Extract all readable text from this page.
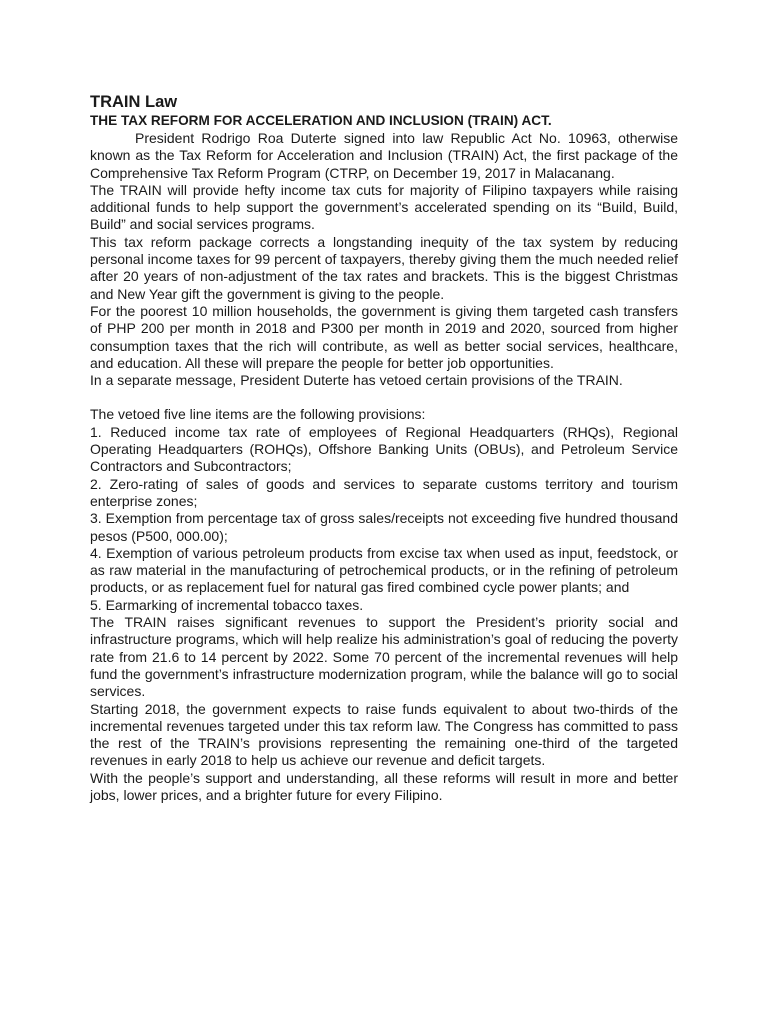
TRAIN Law
THE TAX REFORM FOR ACCELERATION AND INCLUSION (TRAIN) ACT.

President Rodrigo Roa Duterte signed into law Republic Act No. 10963, otherwise known as the Tax Reform for Acceleration and Inclusion (TRAIN) Act, the first package of the Comprehensive Tax Reform Program (CTRP, on December 19, 2017 in Malacanang.

The TRAIN will provide hefty income tax cuts for majority of Filipino taxpayers while raising additional funds to help support the government’s accelerated spending on its “Build, Build, Build” and social services programs.

This tax reform package corrects a longstanding inequity of the tax system by reducing personal income taxes for 99 percent of taxpayers, thereby giving them the much needed relief after 20 years of non-adjustment of the tax rates and brackets. This is the biggest Christmas and New Year gift the government is giving to the people.

For the poorest 10 million households, the government is giving them targeted cash transfers of PHP 200 per month in 2018 and P300 per month in 2019 and 2020, sourced from higher consumption taxes that the rich will contribute, as well as better social services, healthcare, and education. All these will prepare the people for better job opportunities.

In a separate message, President Duterte has vetoed certain provisions of the TRAIN.

The vetoed five line items are the following provisions:

1. Reduced income tax rate of employees of Regional Headquarters (RHQs), Regional Operating Headquarters (ROHQs), Offshore Banking Units (OBUs), and Petroleum Service Contractors and Subcontractors;

2. Zero-rating of sales of goods and services to separate customs territory and tourism enterprise zones;

3. Exemption from percentage tax of gross sales/receipts not exceeding five hundred thousand pesos (P500, 000.00);

4. Exemption of various petroleum products from excise tax when used as input, feedstock, or as raw material in the manufacturing of petrochemical products, or in the refining of petroleum products, or as replacement fuel for natural gas fired combined cycle power plants; and

5. Earmarking of incremental tobacco taxes.

The TRAIN raises significant revenues to support the President’s priority social and infrastructure programs, which will help realize his administration’s goal of reducing the poverty rate from 21.6 to 14 percent by 2022. Some 70 percent of the incremental revenues will help fund the government’s infrastructure modernization program, while the balance will go to social services.

Starting 2018, the government expects to raise funds equivalent to about two-thirds of the incremental revenues targeted under this tax reform law. The Congress has committed to pass the rest of the TRAIN’s provisions representing the remaining one-third of the targeted revenues in early 2018 to help us achieve our revenue and deficit targets.

With the people’s support and understanding, all these reforms will result in more and better jobs, lower prices, and a brighter future for every Filipino.
